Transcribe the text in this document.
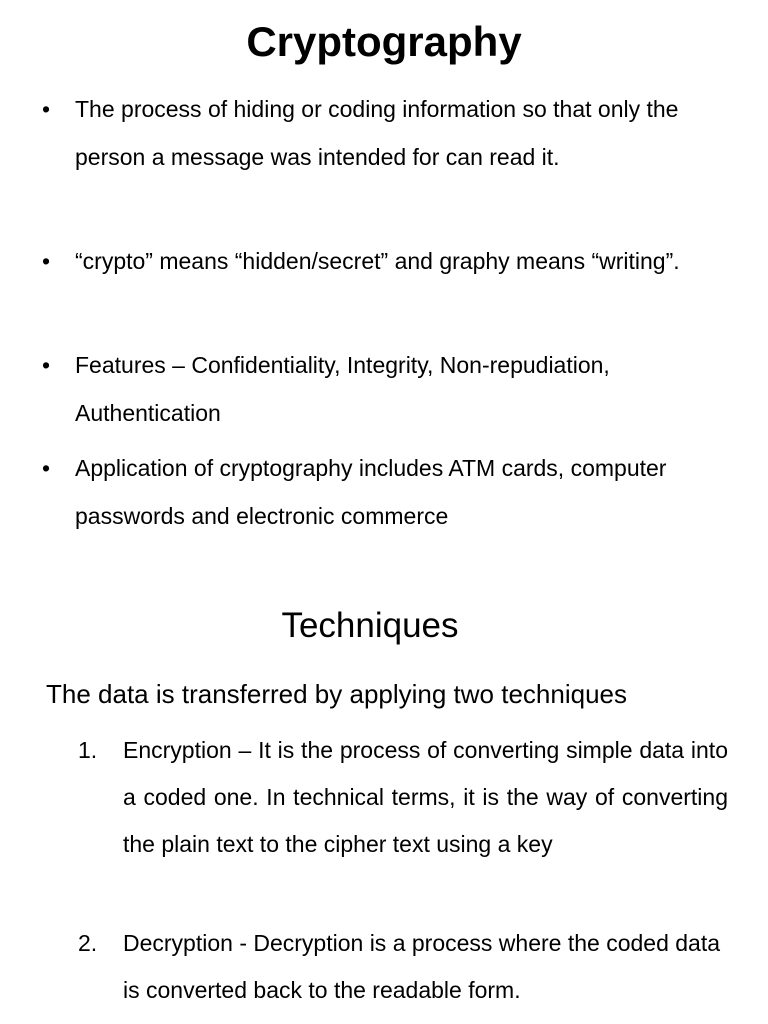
Cryptography
•	The process of hiding or coding information so that only the person a message was intended for can read it.
•	“crypto” means “hidden/secret” and graphy means “writing”.
•	Features – Confidentiality, Integrity, Non-repudiation, Authentication
•	Application of cryptography includes ATM cards, computer passwords and electronic commerce
Techniques
The data is transferred by applying two techniques
1.	Encryption – It is the process of converting simple data into a coded one. In technical terms, it is the way of converting the plain text to the cipher text using a key
2.	Decryption - Decryption is a process where the coded data is converted back to the readable form.
